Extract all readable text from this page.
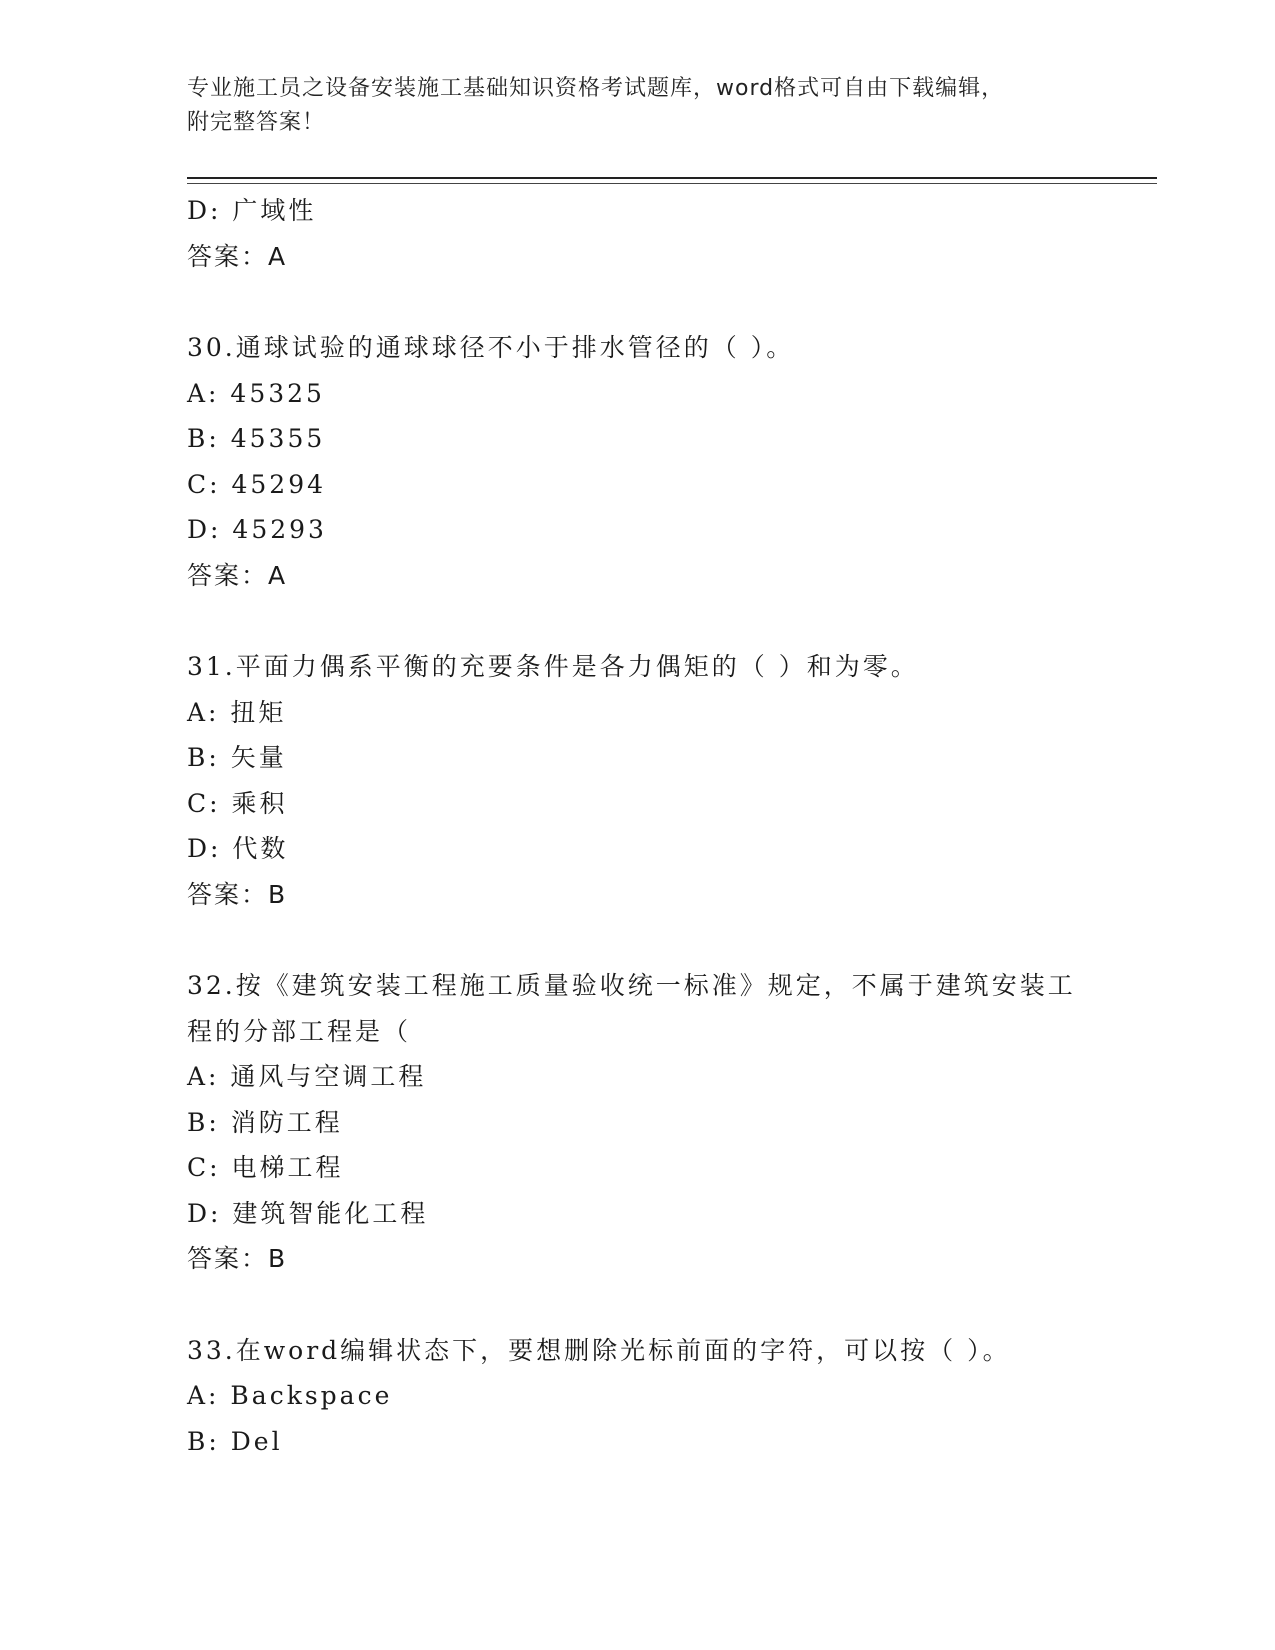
专业施工员之设备安装施工基础知识资格考试题库，word格式可自由下载编辑，
附完整答案！
D: 广域性
答案：A
30.通球试验的通球球径不小于排水管径的（ ）。
A: 45325
B: 45355
C: 45294
D: 45293
答案：A
31.平面力偶系平衡的充要条件是各力偶矩的（ ）和为零。
A: 扭矩
B: 矢量
C: 乘积
D: 代数
答案：B
32.按《建筑安装工程施工质量验收统一标准》规定，不属于建筑安装工程的分部工程是（
A: 通风与空调工程
B: 消防工程
C: 电梯工程
D: 建筑智能化工程
答案：B
33.在word编辑状态下，要想删除光标前面的字符，可以按（ ）。
A: Backspace
B: Del
